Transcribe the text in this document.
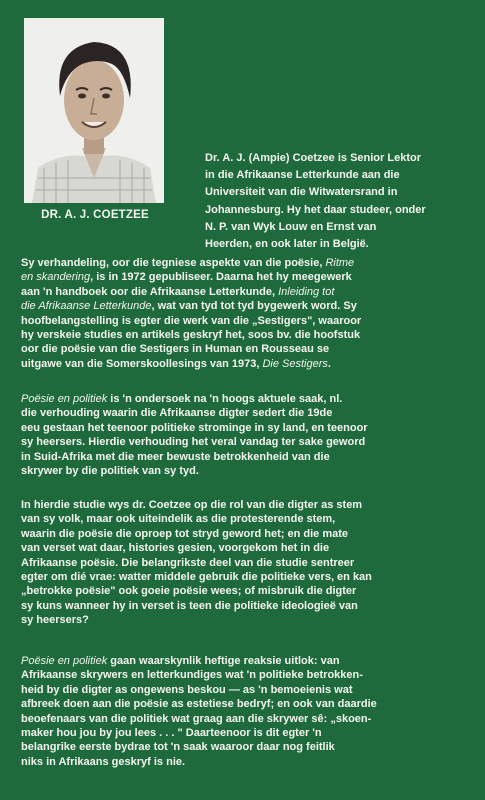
DR. A. J. COETZEE
Dr. A. J. (Ampie) Coetzee is Senior Lektor
in die Afrikaanse Letterkunde aan die
Universiteit van die Witwatersrand in
Johannesburg. Hy het daar studeer, onder
N. P. van Wyk Louw en Ernst van
Heerden, en ook later in België.
Sy verhandeling, oor die tegniese aspekte van die poësie, Ritme
en skandering, is in 1972 gepubliseer. Daarna het hy meegewerk
aan 'n handboek oor die Afrikaanse Letterkunde, Inleiding tot
die Afrikaanse Letterkunde, wat van tyd tot tyd bygewerk word. Sy
hoofbelangstelling is egter die werk van die „Sestigers", waaroor
hy verskeie studies en artikels geskryf het, soos bv. die hoofstuk
oor die poësie van die Sestigers in Human en Rousseau se
uitgawe van die Somerskoollesings van 1973, Die Sestigers.
Poësie en politiek is 'n ondersoek na 'n hoogs aktuele saak, nl.
die verhouding waarin die Afrikaanse digter sedert die 19de
eeu gestaan het teenoor politieke strominge in sy land, en teenoor
sy heersers. Hierdie verhouding het veral vandag ter sake geword
in Suid-Afrika met die meer bewuste betrokkenheid van die
skrywer by die politiek van sy tyd.
In hierdie studie wys dr. Coetzee op die rol van die digter as stem
van sy volk, maar ook uiteindelik as die protesterende stem,
waarin die poësie die oproep tot stryd geword het; en die mate
van verset wat daar, histories gesien, voorgekom het in die
Afrikaanse poësie. Die belangrikste deel van die studie sentreer
egter om dié vrae: watter middele gebruik die politieke vers, en kan
„betrokke poësie" ook goeie poësie wees; of misbruik die digter
sy kuns wanneer hy in verset is teen die politieke ideologieë van
sy heersers?
Poësie en politiek gaan waarskynlik heftige reaksie uitlok: van
Afrikaanse skrywers en letterkundiges wat 'n politieke betrokken-
heid by die digter as ongewens beskou — as 'n bemoeienis wat
afbreek doen aan die poësie as estetiese bedryf; en ook van daardie
beoefenaars van die politiek wat graag aan die skrywer sê: „skoen-
maker hou jou by jou lees . . . " Daarteenoor is dit egter 'n
belangrike eerste bydrae tot 'n saak waaroor daar nog feitlik
niks in Afrikaans geskryf is nie.
